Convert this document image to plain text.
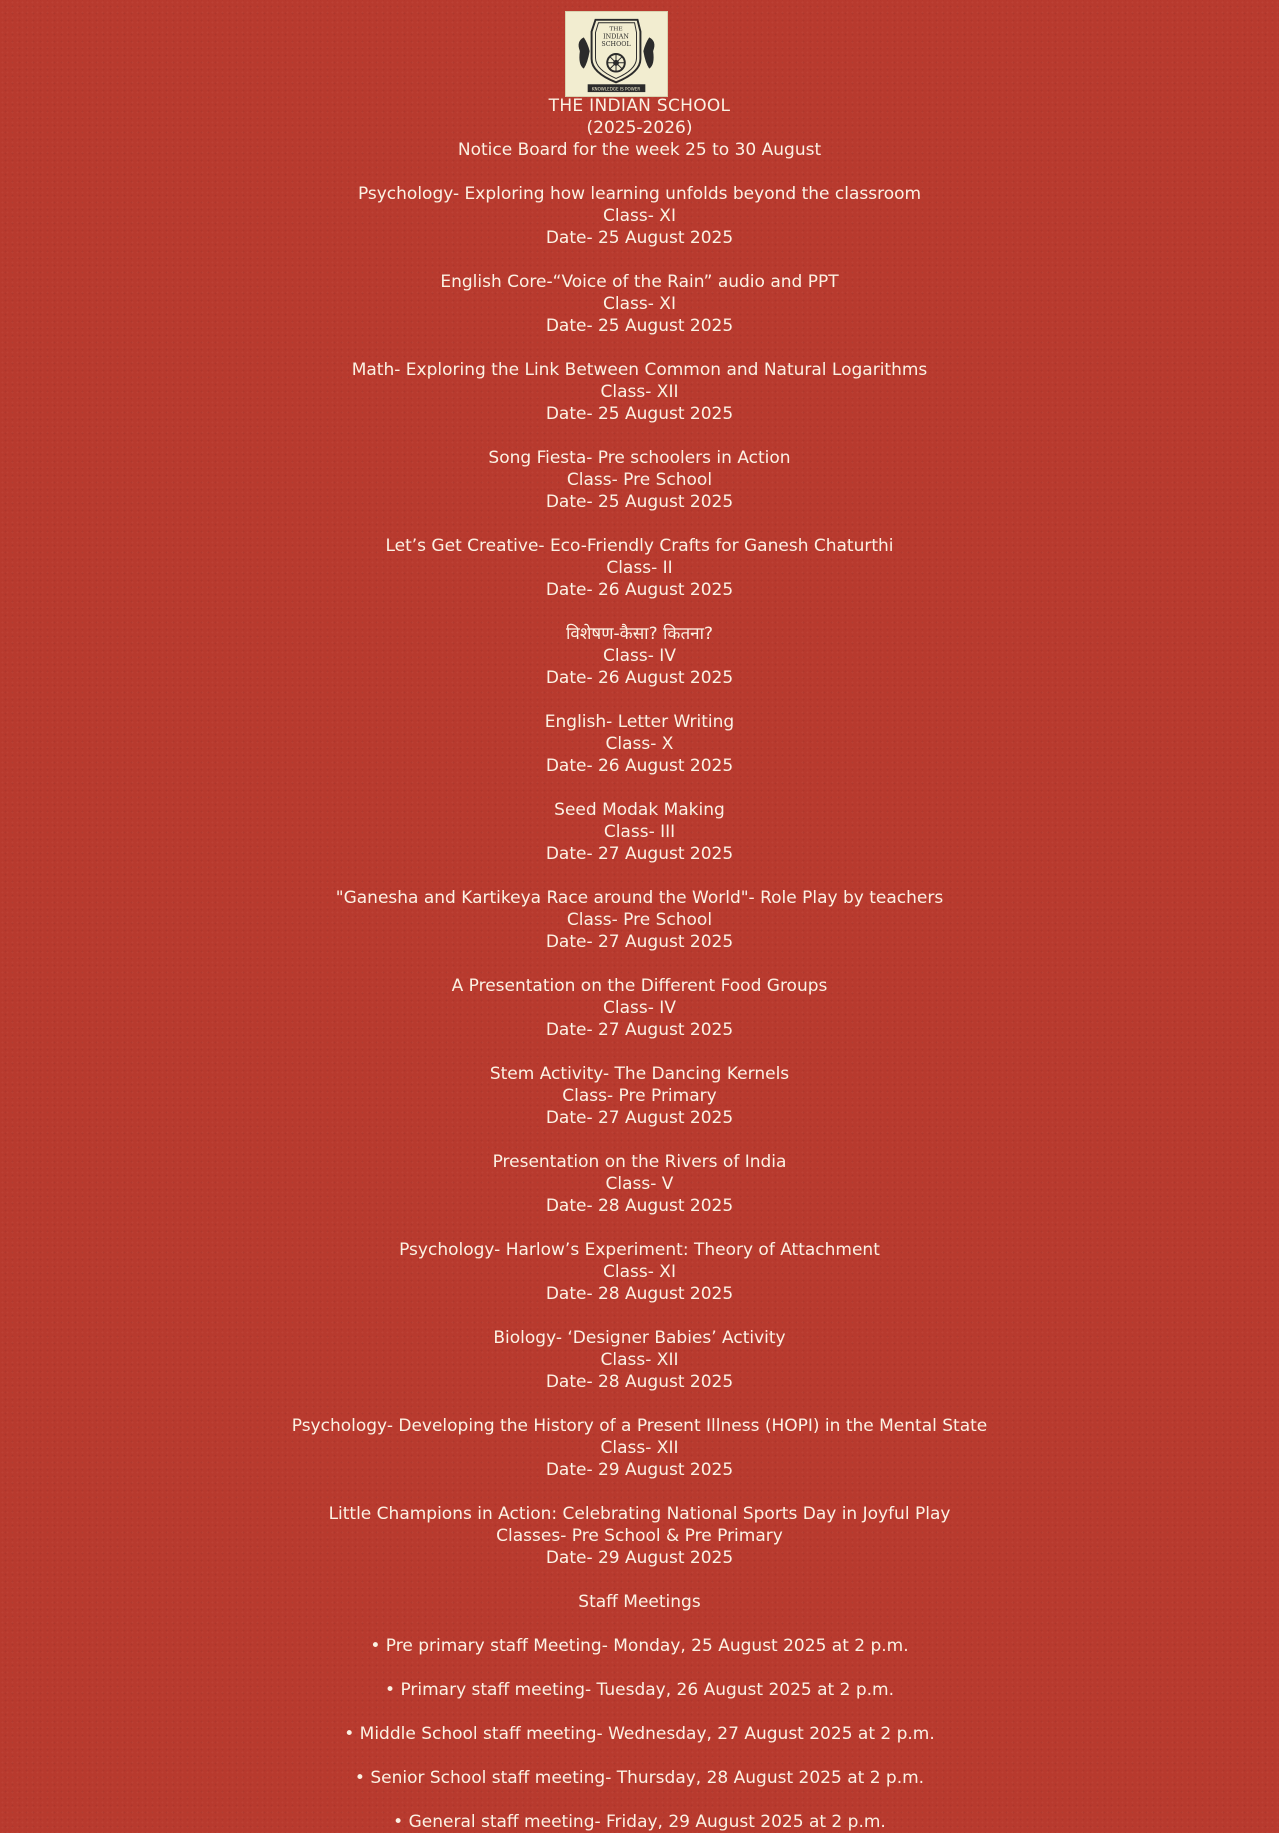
THE
INDIAN
SCHOOL
KNOWLEDGE IS POWER
THE INDIAN SCHOOL
(2025-2026)
Notice Board for the week 25 to 30 August
Psychology- Exploring how learning unfolds beyond the classroom
Class- XI
Date- 25 August 2025
English Core-“Voice of the Rain” audio and PPT
Class- XI
Date- 25 August 2025
Math- Exploring the Link Between Common and Natural Logarithms
Class- XII
Date- 25 August 2025
Song Fiesta- Pre schoolers in Action
Class- Pre School
Date- 25 August 2025
Let’s Get Creative- Eco-Friendly Crafts for Ganesh Chaturthi
Class- II
Date- 26 August 2025
विशेषण-कैसा? कितना?
Class- IV
Date- 26 August 2025
English- Letter Writing
Class- X
Date- 26 August 2025
Seed Modak Making
Class- III
Date- 27 August 2025
"Ganesha and Kartikeya Race around the World"- Role Play by teachers
Class- Pre School
Date- 27 August 2025
A Presentation on the Different Food Groups
Class- IV
Date- 27 August 2025
Stem Activity- The Dancing Kernels
Class- Pre Primary
Date- 27 August 2025
Presentation on the Rivers of India
Class- V
Date- 28 August 2025
Psychology- Harlow’s Experiment: Theory of Attachment
Class- XI
Date- 28 August 2025
Biology- ‘Designer Babies’ Activity
Class- XII
Date- 28 August 2025
Psychology- Developing the History of a Present Illness (HOPI) in the Mental State
Class- XII
Date- 29 August 2025
Little Champions in Action: Celebrating National Sports Day in Joyful Play
Classes- Pre School & Pre Primary
Date- 29 August 2025
Staff Meetings
• Pre primary staff Meeting- Monday, 25 August 2025 at 2 p.m.
• Primary staff meeting- Tuesday, 26 August 2025 at 2 p.m.
• Middle School staff meeting- Wednesday, 27 August 2025 at 2 p.m.
• Senior School staff meeting- Thursday, 28 August 2025 at 2 p.m.
• General staff meeting- Friday, 29 August 2025 at 2 p.m.
